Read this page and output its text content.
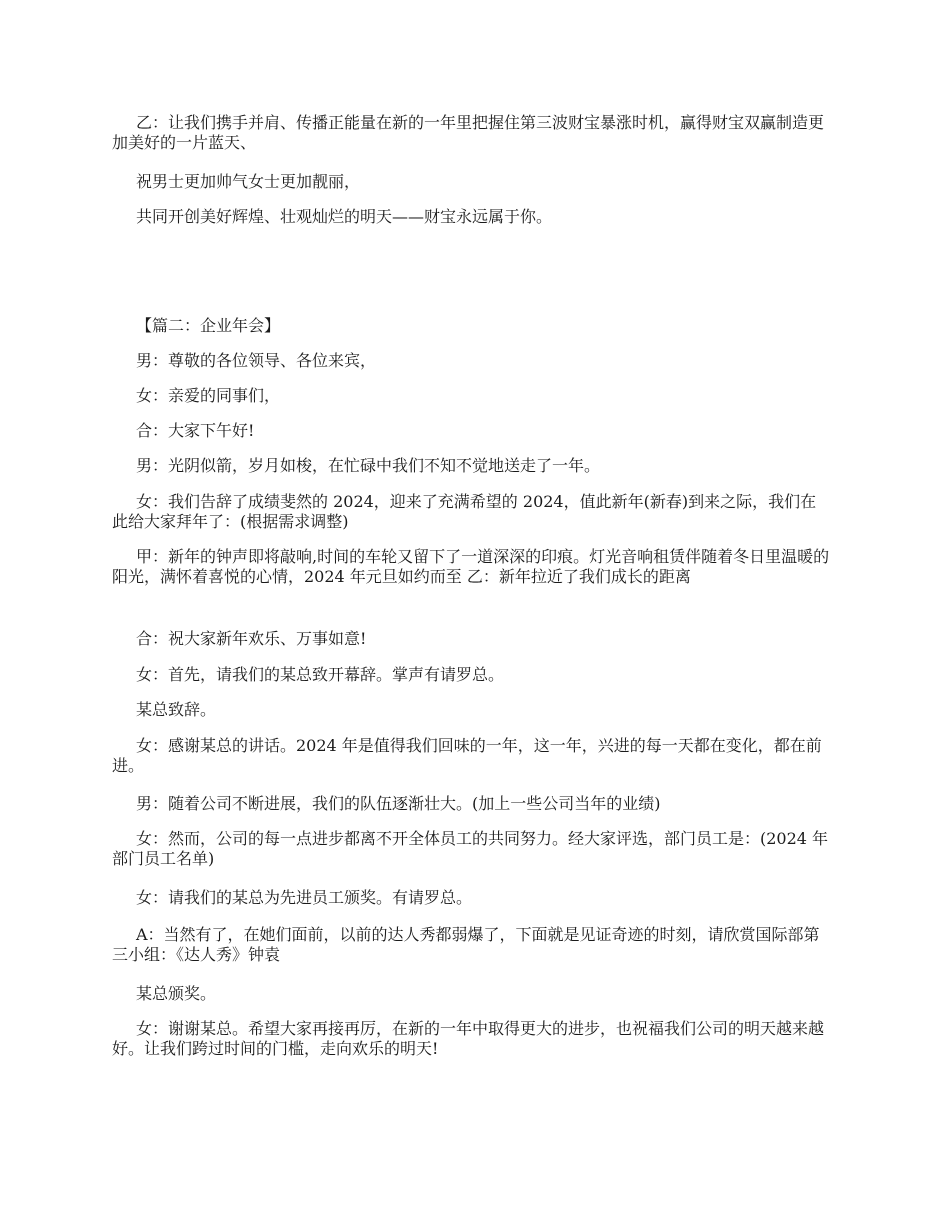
乙：让我们携手并肩、传播正能量在新的一年里把握住第三波财宝暴涨时机，赢得财宝双赢制造更加美好的一片蓝天、

祝男士更加帅气女士更加靓丽，

共同开创美好辉煌、壮观灿烂的明天——财宝永远属于你。

【篇二：企业年会】

男：尊敬的各位领导、各位来宾，

女：亲爱的同事们，

合：大家下午好!

男：光阴似箭，岁月如梭，在忙碌中我们不知不觉地送走了一年。

女：我们告辞了成绩斐然的 2024，迎来了充满希望的 2024，值此新年(新春)到来之际，我们在此给大家拜年了：(根据需求调整)

甲：新年的钟声即将敲响,时间的车轮又留下了一道深深的印痕。灯光音响租赁伴随着冬日里温暖的阳光，满怀着喜悦的心情，2024 年元旦如约而至 乙：新年拉近了我们成长的距离

合：祝大家新年欢乐、万事如意!

女：首先，请我们的某总致开幕辞。掌声有请罗总。

某总致辞。

女：感谢某总的讲话。2024 年是值得我们回味的一年，这一年，兴进的每一天都在变化，都在前进。

男：随着公司不断进展，我们的队伍逐渐壮大。(加上一些公司当年的业绩)

女：然而，公司的每一点进步都离不开全体员工的共同努力。经大家评选，部门员工是：(2024 年部门员工名单)

女：请我们的某总为先进员工颁奖。有请罗总。

A：当然有了，在她们面前，以前的达人秀都弱爆了，下面就是见证奇迹的时刻，请欣赏国际部第三小组：《达人秀》钟袁

某总颁奖。

女：谢谢某总。希望大家再接再厉，在新的一年中取得更大的进步，也祝福我们公司的明天越来越好。让我们跨过时间的门槛，走向欢乐的明天!
